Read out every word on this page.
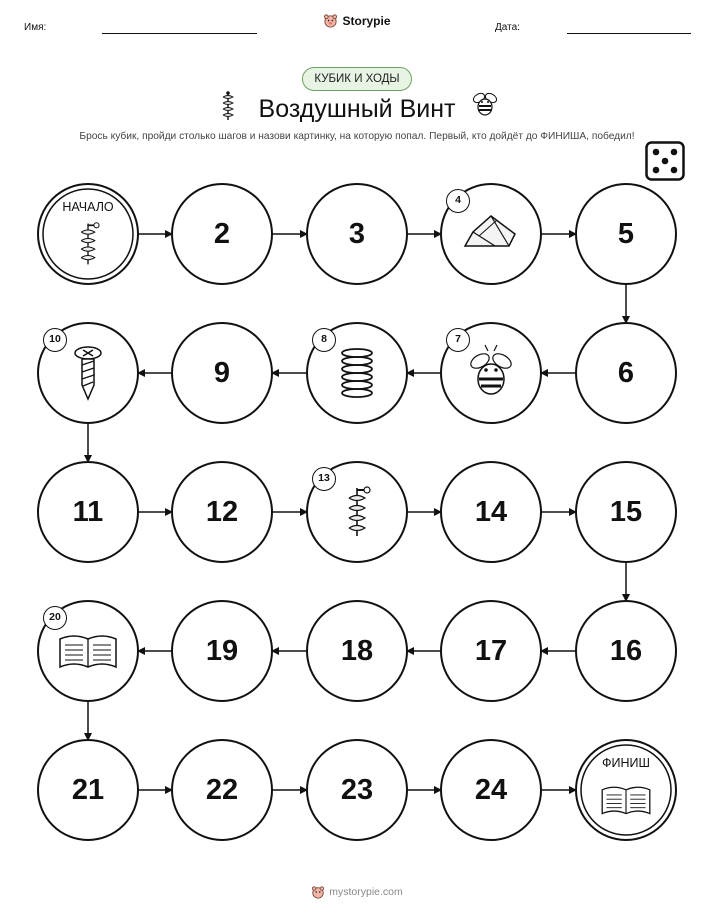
Имя:	Дата:
Storypie
КУБИК И ХОДЫ
Воздушный Винт
Брось кубик, пройди столько шагов и назови картинку, на которую попал. Первый, кто дойдёт до ФИНИША, победил!
НАЧАЛО
2	3
4
5
6
7
8
9
10
11	12
13
14	15
16
17
18
19
20
21	22	23	24
ФИНИШ
mystorypie.com
